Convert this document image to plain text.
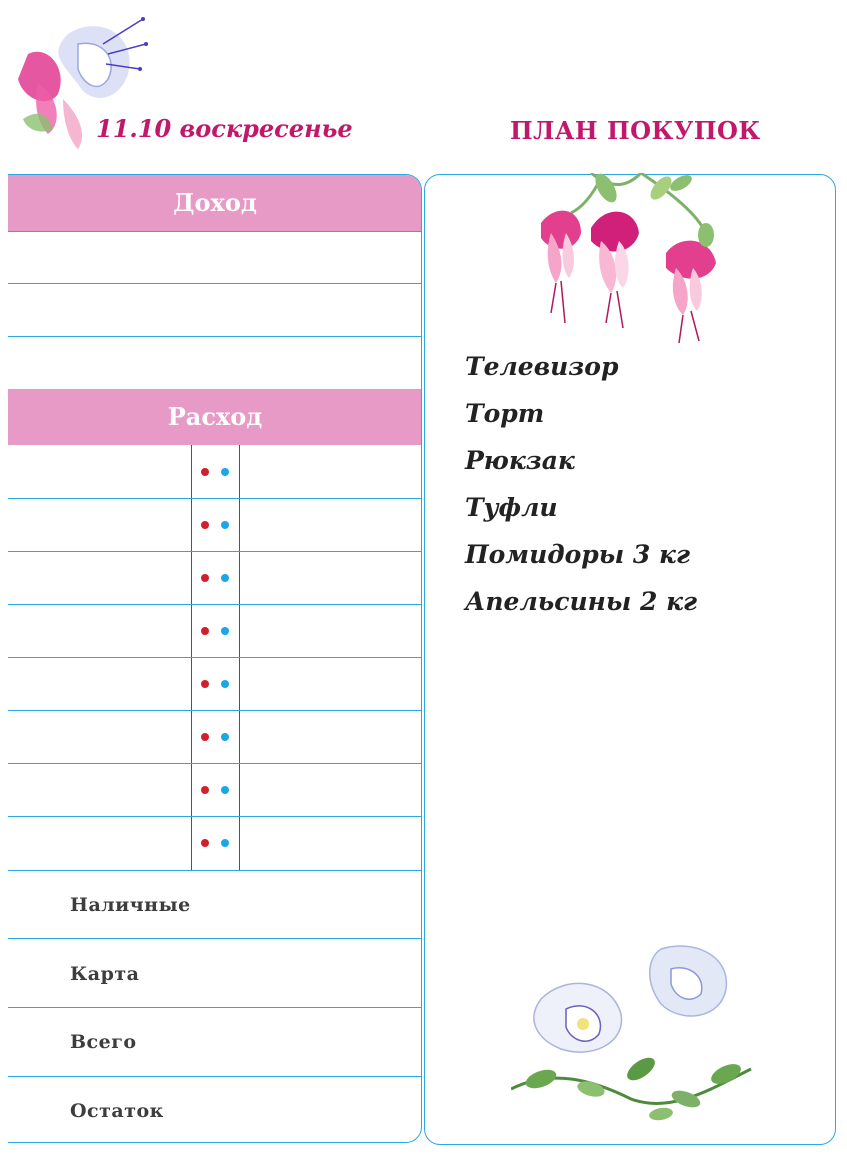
11.10 воскресенье	ПЛАН ПОКУПОК
Доход
Расход
Наличные
Карта
Всего
Остаток
Телевизор
Торт
Рюкзак
Туфли
Помидоры 3 кг
Апельсины 2 кг
